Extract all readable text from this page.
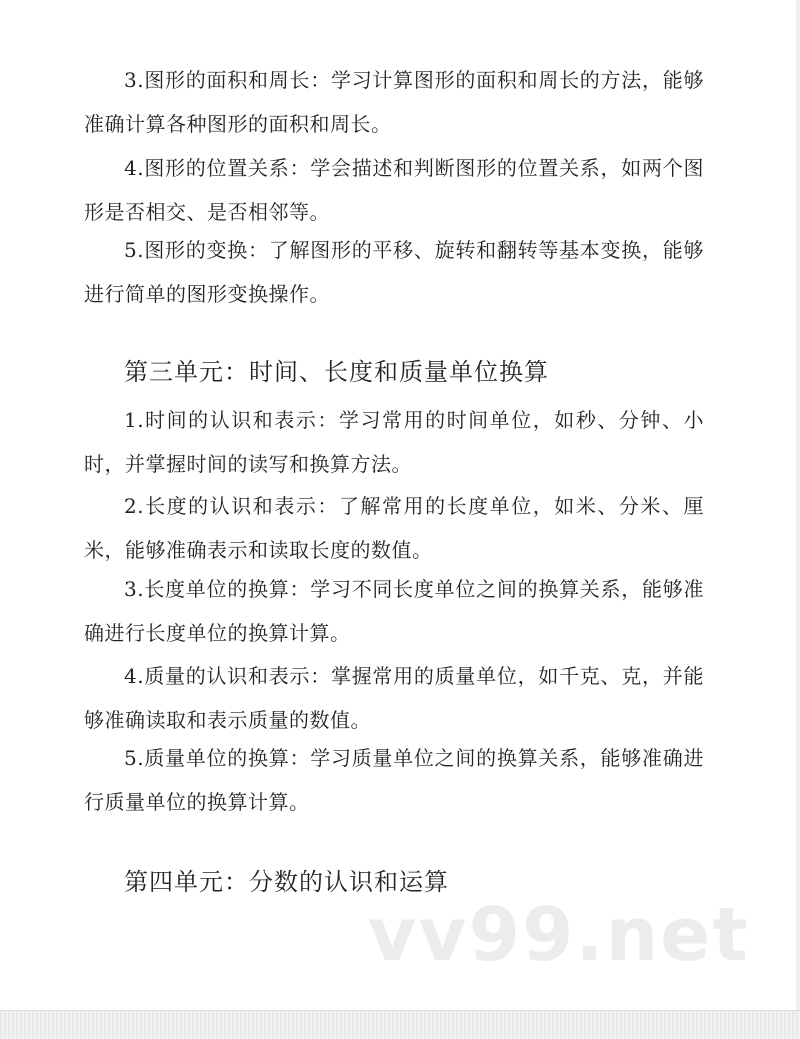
3.图形的面积和周长：学习计算图形的面积和周长的方法，能够准确计算各种图形的面积和周长。

4.图形的位置关系：学会描述和判断图形的位置关系，如两个图形是否相交、是否相邻等。

5.图形的变换：了解图形的平移、旋转和翻转等基本变换，能够进行简单的图形变换操作。

第三单元：时间、长度和质量单位换算

1.时间的认识和表示：学习常用的时间单位，如秒、分钟、小时，并掌握时间的读写和换算方法。

2.长度的认识和表示：了解常用的长度单位，如米、分米、厘米，能够准确表示和读取长度的数值。

3.长度单位的换算：学习不同长度单位之间的换算关系，能够准确进行长度单位的换算计算。

4.质量的认识和表示：掌握常用的质量单位，如千克、克，并能够准确读取和表示质量的数值。

5.质量单位的换算：学习质量单位之间的换算关系，能够准确进行质量单位的换算计算。

第四单元：分数的认识和运算
vv99.net
